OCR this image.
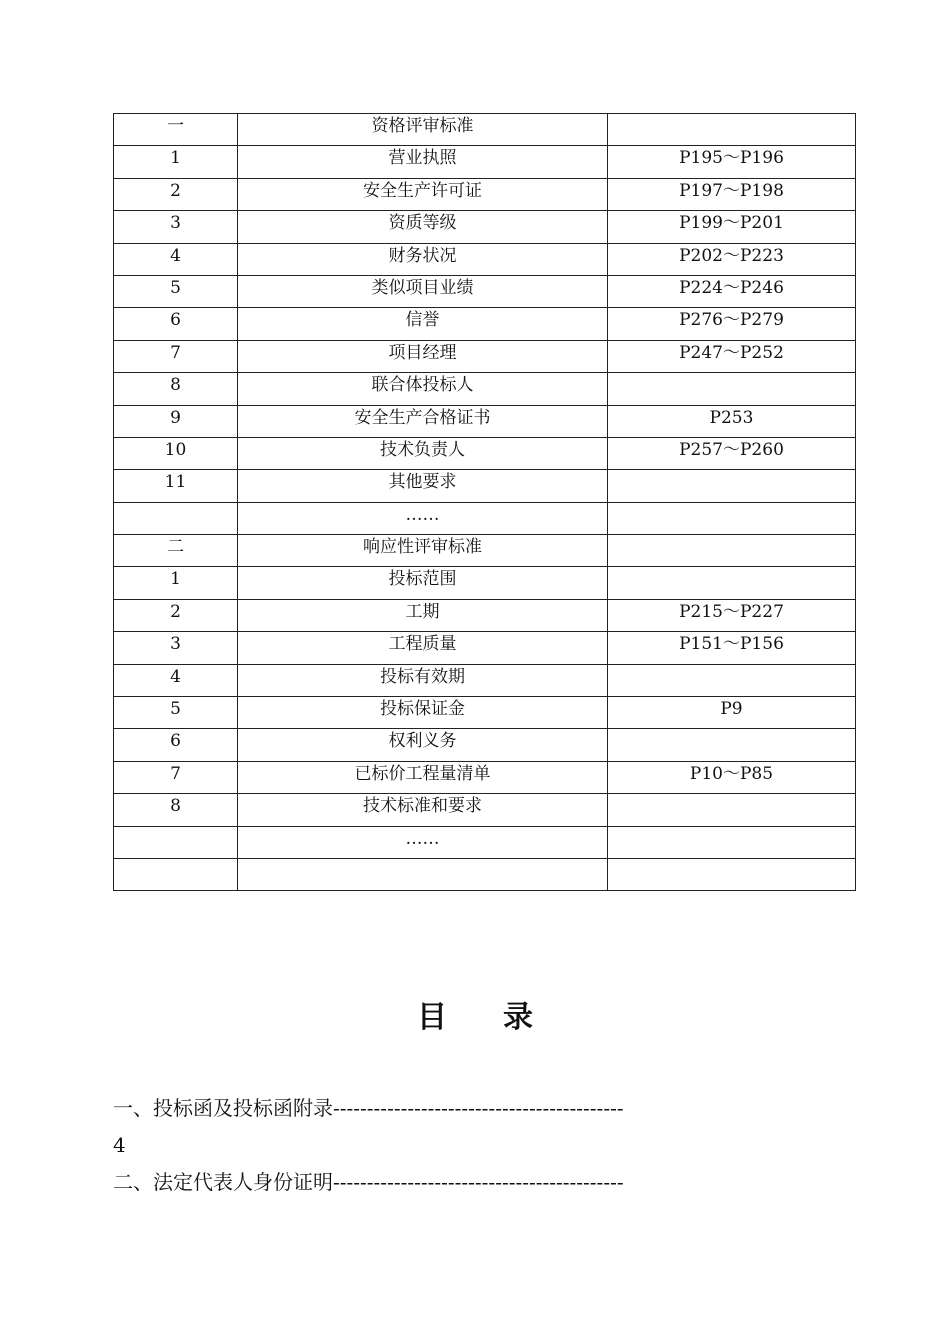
一	资格评审标准	
1	营业执照	P195～P196
2	安全生产许可证	P197～P198
3	资质等级	P199～P201
4	财务状况	P202～P223
5	类似项目业绩	P224～P246
6	信誉	P276～P279
7	项目经理	P247～P252
8	联合体投标人	
9	安全生产合格证书	P253
10	技术负责人	P257～P260
11	其他要求	
	……	
二	响应性评审标准	
1	投标范围	
2	工期	P215～P227
3	工程质量	P151～P156
4	投标有效期	
5	投标保证金	P9
6	权利义务	
7	已标价工程量清单	P10～P85
8	技术标准和要求	
	……	

目录
一、投标函及投标函附录-------------------------------------------
4
二、法定代表人身份证明-------------------------------------------
